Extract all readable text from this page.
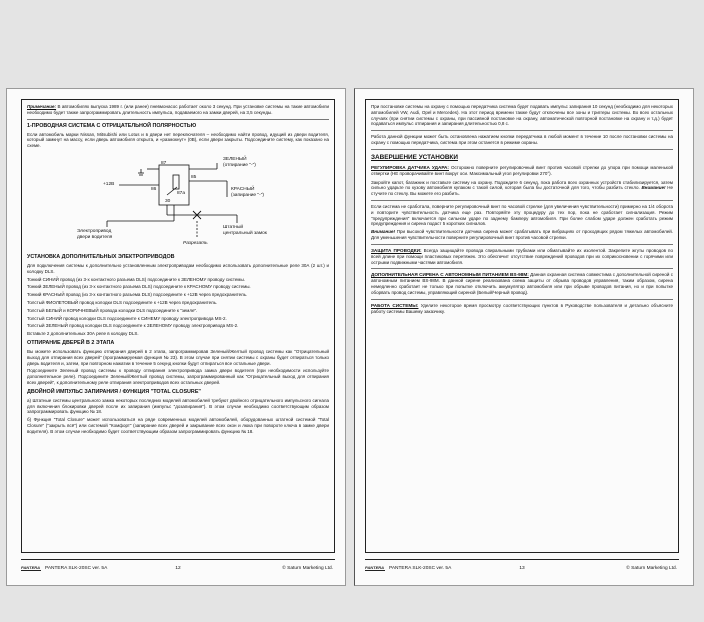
Примечание: В автомобилях выпуска 1989 г. (или ранее) пневмонасос работает около 3 секунд. При установке системы на такие автомобили необходимо будет также запрограммировать длительность импульса, подаваемого на замки дверей, на 3,5 секунды.

1-ПРОВОДНАЯ СИСТЕМА С ОТРИЦАТЕЛЬНОЙ ПОЛЯРНОСТЬЮ

Если автомобиль марки Nissan, Mitsubishi или Lotus и в двери нет переключателя – необходимо найти провод, идущий из двери водителя, который замкнут на массу, если дверь автомобиля открыта, и «размокнут» (0В), если двери закрыты. Подсоедините систему, как показано на схеме.

ЗЕЛЕНЫЙ
(отпирание "-")
87
85
86
87a
30
+12В
КРАСНЫЙ
(запирание "-")
Электропривод
двери водителя
Штатный
центральный замок
Разрезать
УСТАНОВКА ДОПОЛНИТЕЛЬНЫХ ЭЛЕКТРОПРИВОДОВ

Для подключения системы к дополнительно установленным электроприводам необходимо использовать дополнительные реле 30А (2 шт.) и колодку DLS.

Тонкий СИНИЙ провод (из 3-х контактного разъема DLS) подсоедините к ЗЕЛЕНОМУ проводу системы.

Тонкий ЗЕЛЕНЫЙ провод (из 3-х контактного разъема DLS) подсоедините к КРАСНОМУ проводу системы.

Тонкий КРАСНЫЙ провод (из 3-х контактного разъема DLS) подсоедините к +12В через предохранитель.

Толстый ФИОЛЕТОВЫЙ провод колодки DLS подсоедините к +12В через предохранитель.

Толстый БЕЛЫЙ и КОРИЧНЕВЫЙ провода колодки DLS подсоедините к "земле".

Толстый СИНИЙ провод колодки DLS подсоедините к СИНЕМУ проводу электропривода MS-2.

Толстый ЗЕЛЕНЫЙ провод колодки DLS подсоедините к ЗЕЛЕНОМУ проводу электропривода MS-2.

Вставьте 2 дополнительных 30А реле в колодку DLS.

ОТПИРАНИЕ ДВЕРЕЙ В 2 ЭТАПА

Вы можете использовать функцию отпирания дверей в 2 этапа, запрограммировав Зеленый/Желтый провод системы как "Отрицательный выход для отпирания всех дверей" (программируемая функция № 23). В этом случае при снятии системы с охраны будет отпираться только дверь водителя и, затем, при повторном нажатии в течение 5 секунд кнопки будут отпираться все остальные двери.

Подсоедините Зеленый провод системы к проводу отпирания электропривода замка двери водителя (при необходимости используйте дополнительное реле). Подсоедините Зеленый/Желтый провод системы, запрограммированный как "Отрицательный выход для отпирания всех дверей", к дополнительному реле отпирания электроприводов всех остальных дверей.

ДВОЙНОЙ ИМПУЛЬС ЗАПИРАНИЯ / ФУНКЦИЯ "TOTAL CLOSURE"

а) Штатные системы центрального замка некоторых последних моделей автомобилей требуют двойного отрицательного импульсного сигнала для включения блокировки дверей после их запирания (импульс "дозапирания"). В этом случае необходимо соответствующим образом запрограммировать функцию № 18.

б) Функция "Total Closure" может использоваться на ряде современных моделей автомобилей, оборудованных штатной системой "Total Closure" ("закрыть всё") или системой "Комфорт" (запирание всех дверей и закрывание всех окон и люка при повороте ключа в замке двери водителя). В этом случае необходимо будет соответствующим образом запрограммировать функцию № 18.

PANTERA	PANTERA SLK-20SC ver. 5A	12	© Saturn Marketing Ltd.

При постановке системы на охрану с помощью передатчика система будет подавать импульс запирания 10 секунд (необходимо для некоторых автомобилей VW, Audi, Opel и Mercedes). На этот период времени также будут отключены все зоны и триггеры системы. Во всех остальных случаях (при снятии системы с охраны, при пассивной постановке на охрану, автоматической повторной постановке на охрану и т.д.) будет подаваться импульс отпирания и запирания длительностью 0,8 с.

Работа данной функции может быть остановлена нажатием кнопки передатчика в любой момент в течение 10 после постановки системы на охрану с помощью передатчика, система при этом останется в режиме охраны.

ЗАВЕРШЕНИЕ УСТАНОВКИ

РЕГУЛИРОВКА ДАТЧИКА УДАРА: Осторожно поверните регулировочный винт против часовой стрелки до упора при помощи маленькой отвертки (НЕ проворачивайте винт вокруг оси. Максимальный угол регулировки 270°).

Закройте капот, багажник и поставьте систему на охрану. Подождите 6 секунд, пока работа всех охранных устройств стабилизируется, затем сильно ударьте по кузову автомобиля кулаком с такой силой, которая была бы достаточной для того, чтобы разбить стекло. Внимание! Не стучите по стеклу. Вы можете его разбить.

Если система не сработала, поверните регулировочный винт по часовой стрелке (для увеличения чувствительности) примерно на 1/4 оборота и повторите чувствительность датчика еще раз. Повторяйте эту процедуру до тех пор, пока не сработает сигнализация. Режим "предупреждения" включается при сильном ударе по заднему бамперу автомобиля. При более слабом ударе должен сработать режим предупреждения и сирена подаст 5 коротких сигналов.

Внимание! При высокой чувствительности датчика сирена может срабатывать при вибрациях от проходящих рядом тяжелых автомобилей. Для уменьшения чувствительности поверните регулировочный винт против часовой стрелки.

ЗАЩИТА ПРОВОДКИ: Всегда защищайте провода спиральными трубками или обматывайте их изолентой. Закрепите жгуты проводов по всей длине при помощи пластиковых перетяжек. Это обеспечит отсутствие повреждений проводов при их соприкосновении с горячими или острыми подвижными частями автомобиля.

ДОПОЛНИТЕЛЬНАЯ СИРЕНА С АВТОНОМНЫМ ПИТАНИЕМ BS-98M: Данная охранная система совместима с дополнительной сиреной с автономным питанием BS-98M. В данной сирене реализована схема защиты от обрыва проводов управления, таким образом, сирена немедленно сработает не только при попытке отключить аккумулятор автомобиля или при обрыве проводов питания, но и при попытке оборвать провод системы, управляющий сиреной (Белый/Черный провод).

РАБОТА СИСТЕМЫ: Уделите некоторое время просмотру соответствующих пунктов в Руководстве пользователя и детально объясните работу системы Вашему заказчику.

PANTERA	PANTERA SLK-20SC ver. 5A	13	© Saturn Marketing Ltd.
